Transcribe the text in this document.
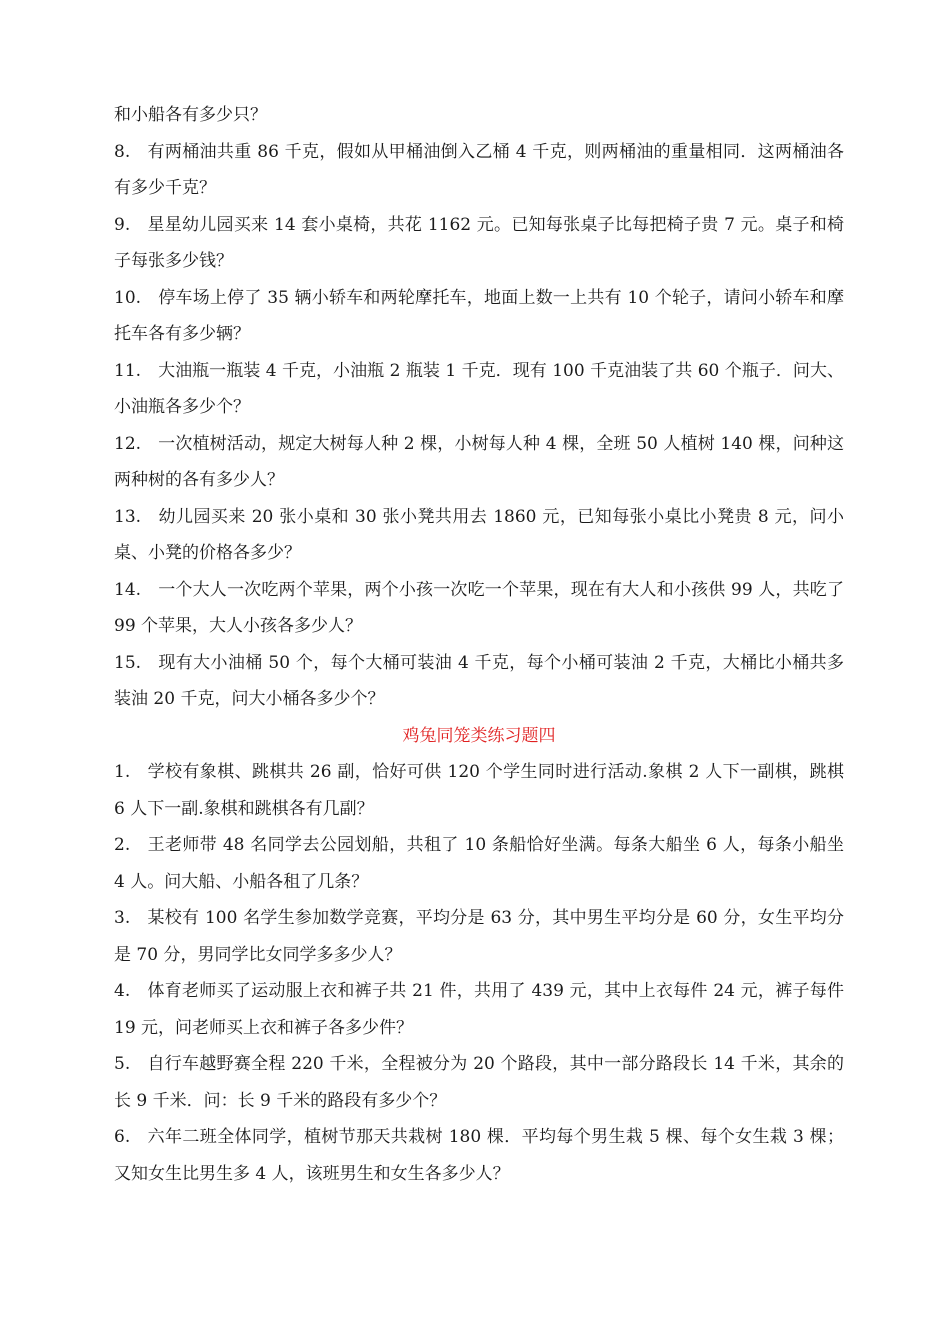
和小船各有多少只？

8. 有两桶油共重 86 千克，假如从甲桶油倒入乙桶 4 千克，则两桶油的重量相同．这两桶油各有多少千克？

9. 星星幼儿园买来 14 套小桌椅，共花 1162 元。已知每张桌子比每把椅子贵 7 元。桌子和椅子每张多少钱？

10. 停车场上停了 35 辆小轿车和两轮摩托车，地面上数一上共有 10 个轮子，请问小轿车和摩托车各有多少辆？

11. 大油瓶一瓶装 4 千克，小油瓶 2 瓶装 1 千克．现有 100 千克油装了共 60 个瓶子．问大、小油瓶各多少个？

12. 一次植树活动，规定大树每人种 2 棵，小树每人种 4 棵，全班 50 人植树 140 棵，问种这两种树的各有多少人？

13. 幼儿园买来 20 张小桌和 30 张小凳共用去 1860 元，已知每张小桌比小凳贵 8 元，问小桌、小凳的价格各多少？

14. 一个大人一次吃两个苹果，两个小孩一次吃一个苹果，现在有大人和小孩供 99 人，共吃了 99 个苹果，大人小孩各多少人？

15. 现有大小油桶 50 个，每个大桶可装油 4 千克，每个小桶可装油 2 千克，大桶比小桶共多装油 20 千克，问大小桶各多少个？

鸡兔同笼类练习题四

1. 学校有象棋、跳棋共 26 副，恰好可供 120 个学生同时进行活动.象棋 2 人下一副棋，跳棋 6 人下一副.象棋和跳棋各有几副？

2. 王老师带 48 名同学去公园划船，共租了 10 条船恰好坐满。每条大船坐 6 人，每条小船坐 4 人。问大船、小船各租了几条？

3. 某校有 100 名学生参加数学竞赛，平均分是 63 分，其中男生平均分是 60 分，女生平均分是 70 分，男同学比女同学多多少人？

4. 体育老师买了运动服上衣和裤子共 21 件，共用了 439 元，其中上衣每件 24 元，裤子每件 19 元，问老师买上衣和裤子各多少件？

5. 自行车越野赛全程 220 千米，全程被分为 20 个路段，其中一部分路段长 14 千米，其余的长 9 千米．问：长 9 千米的路段有多少个？

6. 六年二班全体同学，植树节那天共栽树 180 棵．平均每个男生栽 5 棵、每个女生栽 3 棵；又知女生比男生多 4 人，该班男生和女生各多少人？
